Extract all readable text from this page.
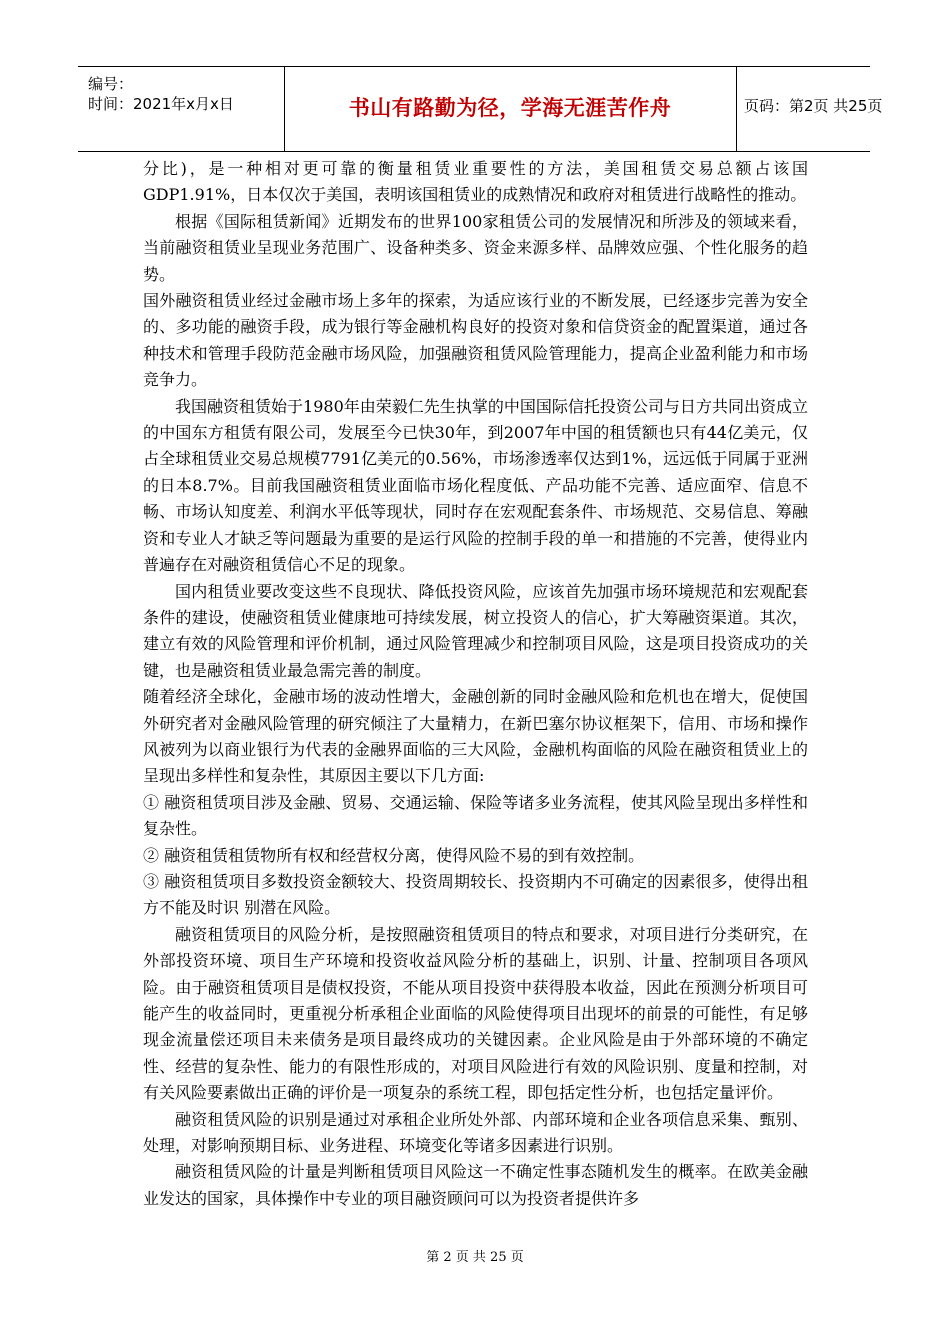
编号：
时间：2021年x月x日	书山有路勤为径，学海无涯苦作舟	页码：第2页 共25页

分比)，是一种相对更可靠的衡量租赁业重要性的方法，美国租赁交易总额占该国GDP1.91%，日本仅次于美国，表明该国租赁业的成熟情况和政府对租赁进行战略性的推动。

根据《国际租赁新闻》近期发布的世界100家租赁公司的发展情况和所涉及的领域来看，当前融资租赁业呈现业务范围广、设备种类多、资金来源多样、品牌效应强、个性化服务的趋势。

国外融资租赁业经过金融市场上多年的探索，为适应该行业的不断发展，已经逐步完善为安全的、多功能的融资手段，成为银行等金融机构良好的投资对象和信贷资金的配置渠道，通过各种技术和管理手段防范金融市场风险，加强融资租赁风险管理能力，提高企业盈利能力和市场竞争力。

我国融资租赁始于1980年由荣毅仁先生执掌的中国国际信托投资公司与日方共同出资成立的中国东方租赁有限公司，发展至今已快30年，到2007年中国的租赁额也只有44亿美元，仅占全球租赁业交易总规模7791亿美元的0.56%，市场渗透率仅达到1%，远远低于同属于亚洲的日本8.7%。目前我国融资租赁业面临市场化程度低、产品功能不完善、适应面窄、信息不畅、市场认知度差、利润水平低等现状，同时存在宏观配套条件、市场规范、交易信息、筹融资和专业人才缺乏等问题最为重要的是运行风险的控制手段的单一和措施的不完善，使得业内普遍存在对融资租赁信心不足的现象。

国内租赁业要改变这些不良现状、降低投资风险，应该首先加强市场环境规范和宏观配套条件的建设，使融资租赁业健康地可持续发展，树立投资人的信心，扩大筹融资渠道。其次，建立有效的风险管理和评价机制，通过风险管理减少和控制项目风险，这是项目投资成功的关键，也是融资租赁业最急需完善的制度。

随着经济全球化，金融市场的波动性增大，金融创新的同时金融风险和危机也在增大，促使国外研究者对金融风险管理的研究倾注了大量精力，在新巴塞尔协议框架下，信用、市场和操作风被列为以商业银行为代表的金融界面临的三大风险，金融机构面临的风险在融资租赁业上的呈现出多样性和复杂性，其原因主要以下几方面:

① 融资租赁项目涉及金融、贸易、交通运输、保险等诸多业务流程，使其风险呈现出多样性和复杂性。

② 融资租赁租赁物所有权和经营权分离，使得风险不易的到有效控制。

③ 融资租赁项目多数投资金额较大、投资周期较长、投资期内不可确定的因素很多，使得出租方不能及时识 别潜在风险。

融资租赁项目的风险分析，是按照融资租赁项目的特点和要求，对项目进行分类研究，在外部投资环境、项目生产环境和投资收益风险分析的基础上，识别、计量、控制项目各项风险。由于融资租赁项目是债权投资，不能从项目投资中获得股本收益，因此在预测分析项目可能产生的收益同时，更重视分析承租企业面临的风险使得项目出现坏的前景的可能性，有足够现金流量偿还项目未来债务是项目最终成功的关键因素。企业风险是由于外部环境的不确定性、经营的复杂性、能力的有限性形成的，对项目风险进行有效的风险识别、度量和控制，对有关风险要素做出正确的评价是一项复杂的系统工程，即包括定性分析，也包括定量评价。

融资租赁风险的识别是通过对承租企业所处外部、内部环境和企业各项信息采集、甄别、处理，对影响预期目标、业务进程、环境变化等诸多因素进行识别。

融资租赁风险的计量是判断租赁项目风险这一不确定性事态随机发生的概率。在欧美金融业发达的国家，具体操作中专业的项目融资顾问可以为投资者提供许多

第 2 页 共 25 页
